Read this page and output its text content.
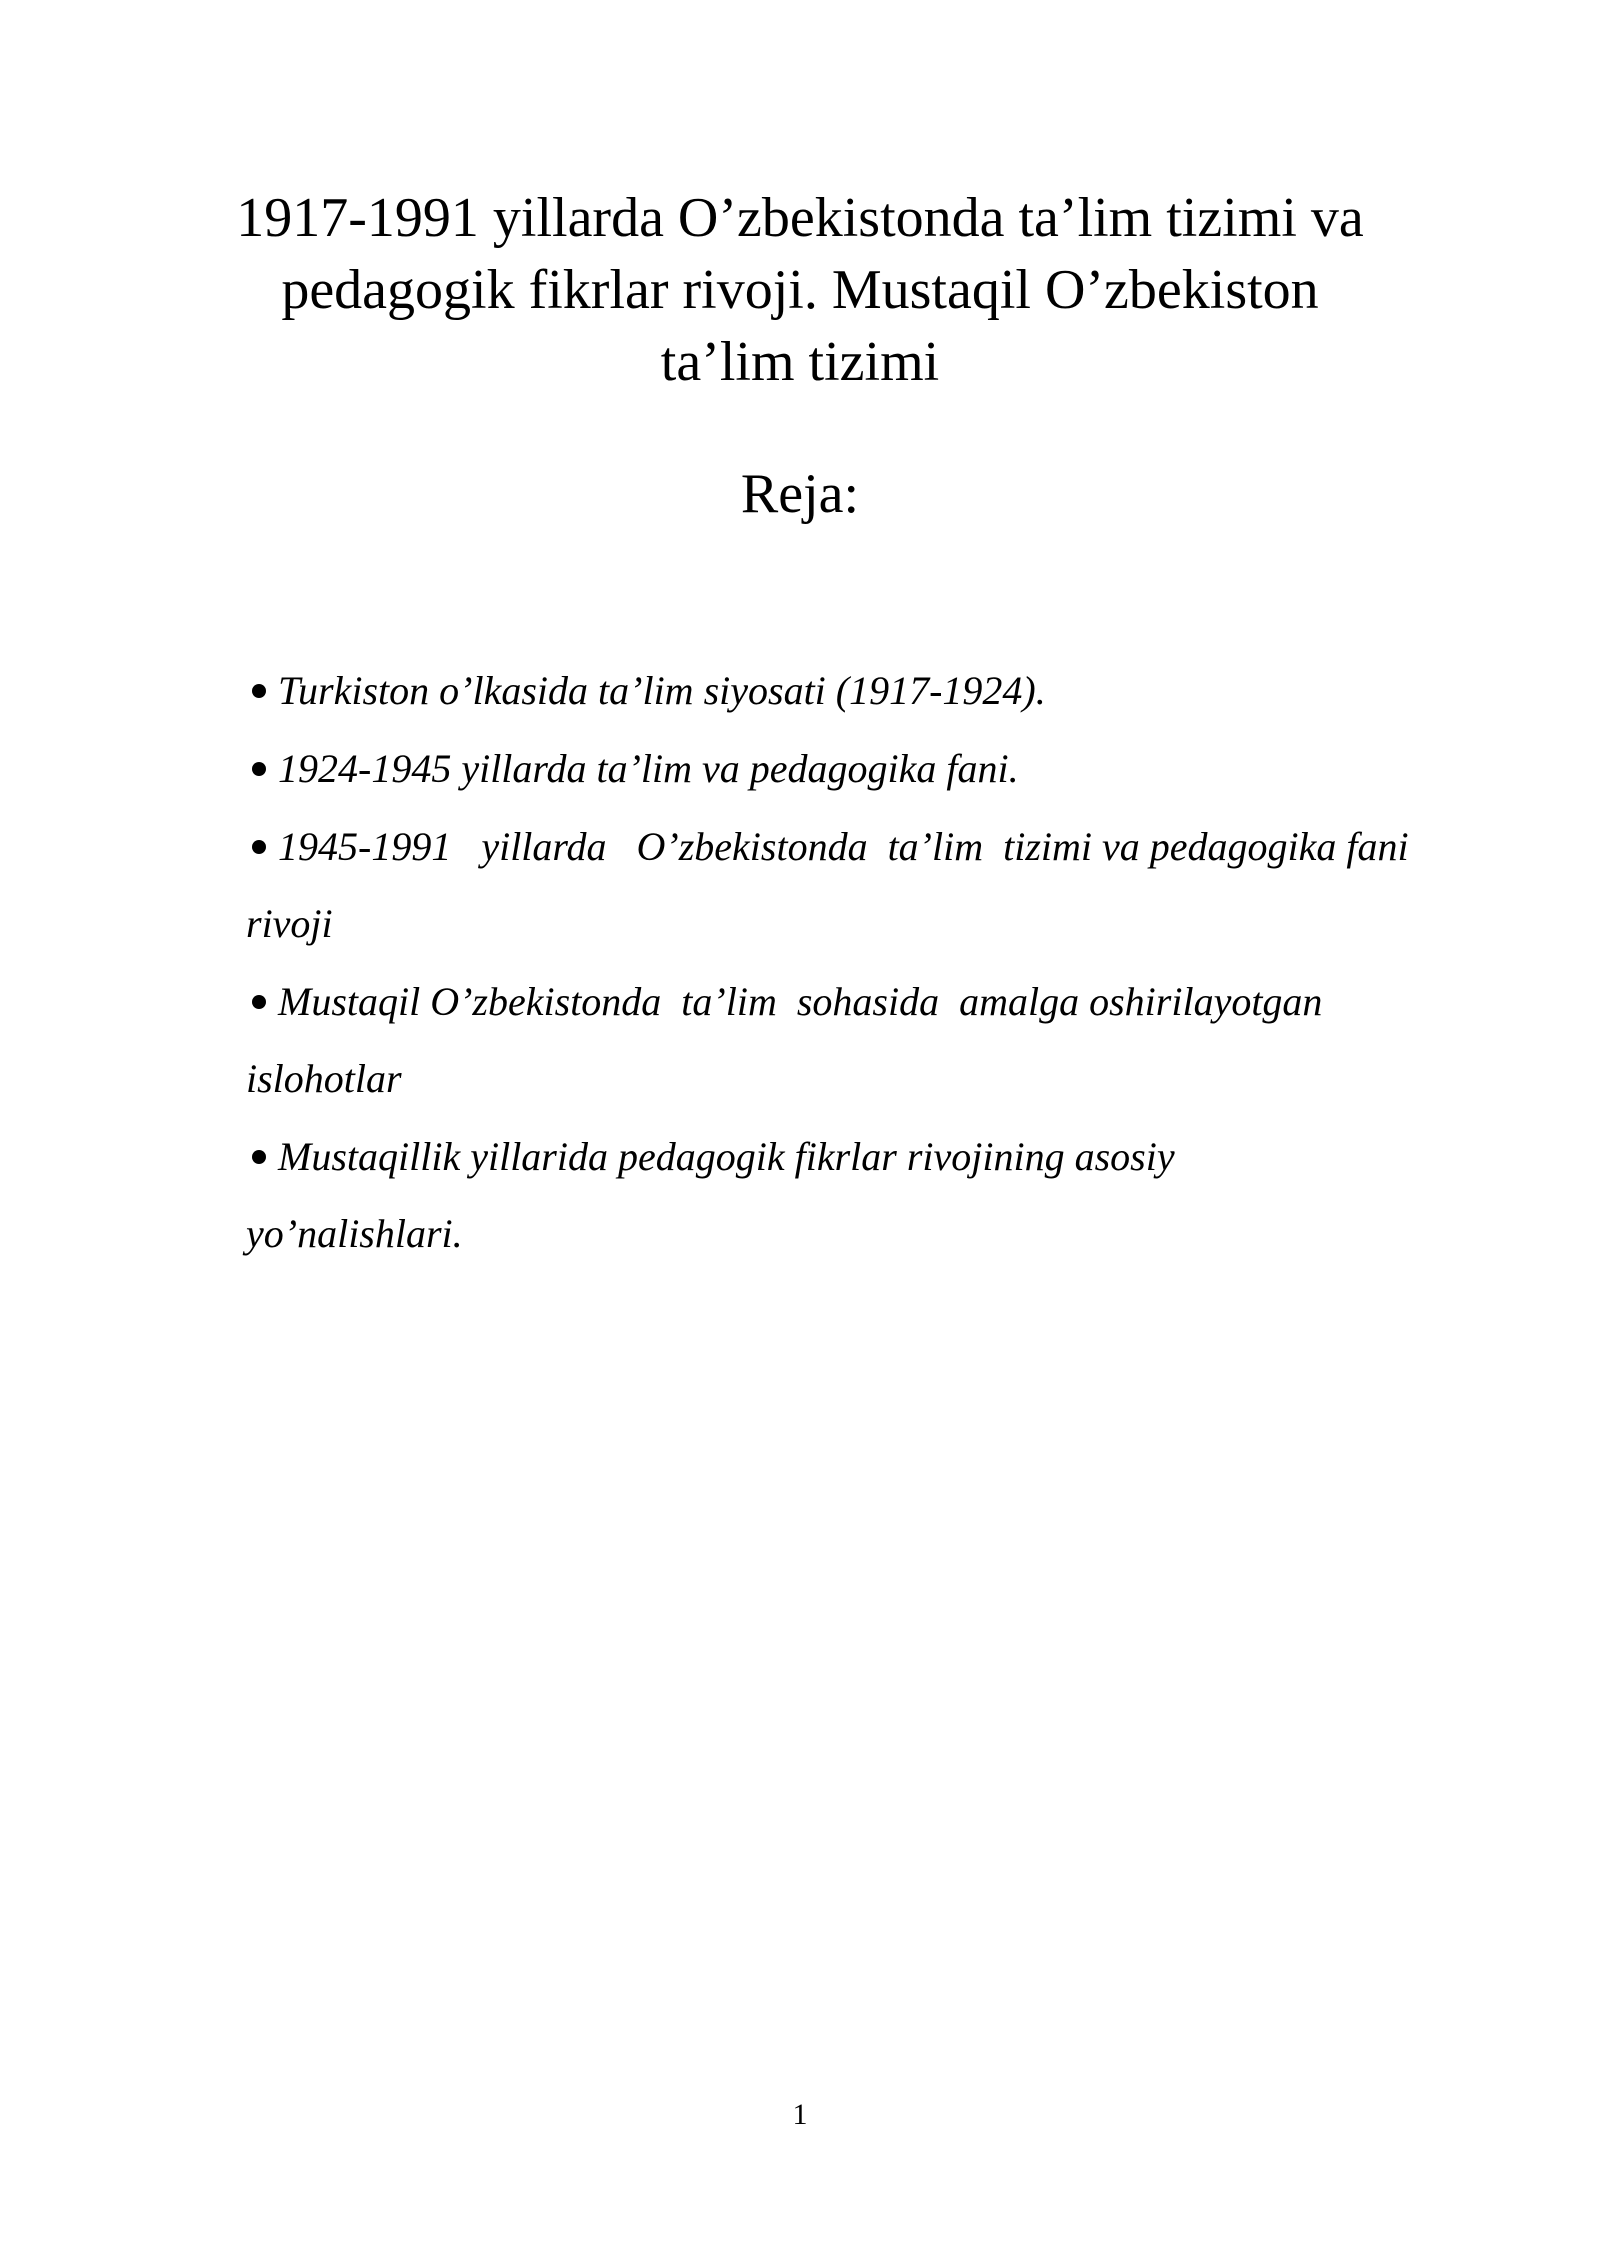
1917-1991 yillarda O’zbekistonda ta’lim tizimi va
pedagogik fikrlar rivoji. Mustaqil O’zbekiston
ta’lim tizimi
Reja:
Turkiston o’lkasida ta’lim siyosati (1917-1924).
1924-1945 yillarda ta’lim va pedagogika fani.
1945-1991   yillarda   O’zbekistonda  ta’lim  tizimi va pedagogika fani
rivoji
Mustaqil O’zbekistonda  ta’lim  sohasida  amalga oshirilayotgan
islohotlar
Mustaqillik yillarida pedagogik fikrlar rivojining asosiy
yo’nalishlari.
1
